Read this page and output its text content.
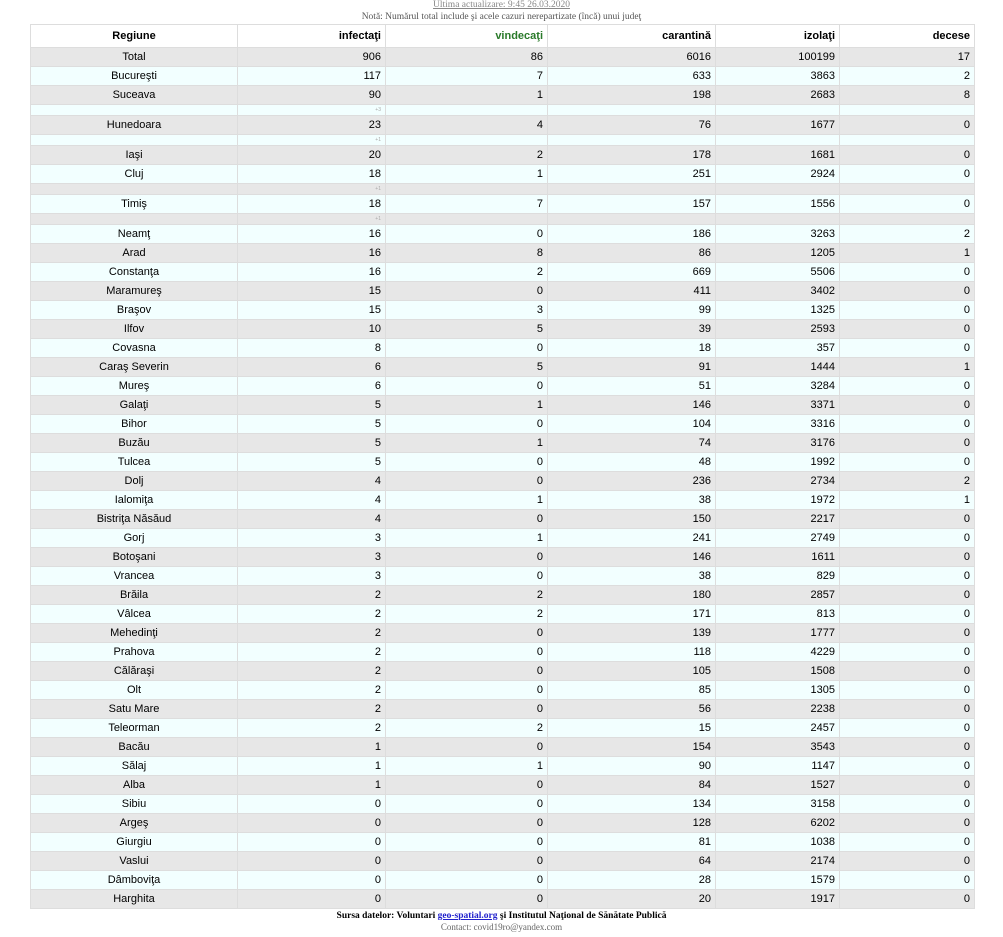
Ultima actualizare: 9:45 26.03.2020
Notă: Numărul total include şi acele cazuri nerepartizate (încă) unui judeţ
Regiune	infectaţi	vindecaţi	carantină	izolaţi	decese
Total	906	86	6016	100199	17
Bucureşti	117	7	633	3863	2
Suceava	90	1	198	2683	8
	+3				
Hunedoara	23	4	76	1677	0
	+1				
Iaşi	20	2	178	1681	0
Cluj	18	1	251	2924	0
	+1				
Timiş	18	7	157	1556	0
	+1				
Neamţ	16	0	186	3263	2
Arad	16	8	86	1205	1
Constanţa	16	2	669	5506	0
Maramureş	15	0	411	3402	0
Braşov	15	3	99	1325	0
Ilfov	10	5	39	2593	0
Covasna	8	0	18	357	0
Caraş Severin	6	5	91	1444	1
Mureş	6	0	51	3284	0
Galaţi	5	1	146	3371	0
Bihor	5	0	104	3316	0
Buzău	5	1	74	3176	0
Tulcea	5	0	48	1992	0
Dolj	4	0	236	2734	2
Ialomiţa	4	1	38	1972	1
Bistriţa Năsăud	4	0	150	2217	0
Gorj	3	1	241	2749	0
Botoşani	3	0	146	1611	0
Vrancea	3	0	38	829	0
Brăila	2	2	180	2857	0
Vâlcea	2	2	171	813	0
Mehedinţi	2	0	139	1777	0
Prahova	2	0	118	4229	0
Călăraşi	2	0	105	1508	0
Olt	2	0	85	1305	0
Satu Mare	2	0	56	2238	0
Teleorman	2	2	15	2457	0
Bacău	1	0	154	3543	0
Sălaj	1	1	90	1147	0
Alba	1	0	84	1527	0
Sibiu	0	0	134	3158	0
Argeş	0	0	128	6202	0
Giurgiu	0	0	81	1038	0
Vaslui	0	0	64	2174	0
Dâmboviţa	0	0	28	1579	0
Harghita	0	0	20	1917	0
Sursa datelor: Voluntari geo-spatial.org şi Institutul Naţional de Sănătate Publică
Contact: covid19ro@yandex.com
